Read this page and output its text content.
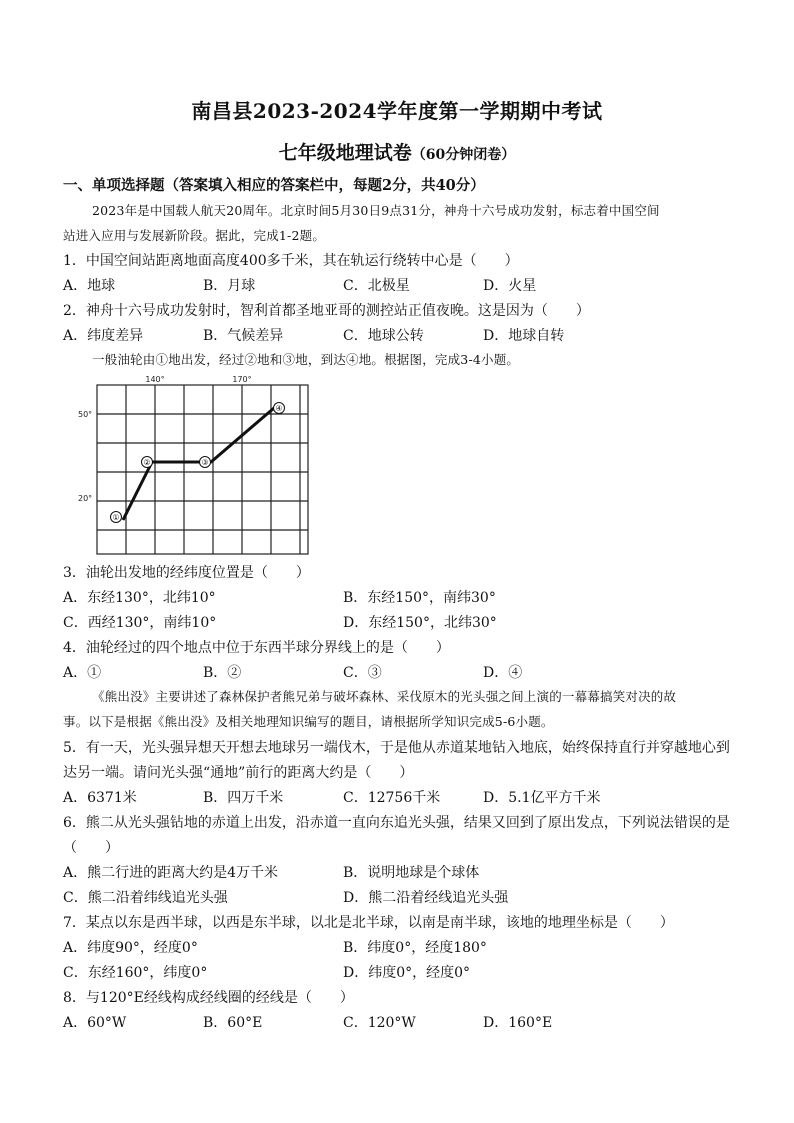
南昌县2023-2024学年度第一学期期中考试
七年级地理试卷（60分钟闭卷）
一、单项选择题（答案填入相应的答案栏中，每题2分，共40分）
2023年是中国载人航天20周年。北京时间5月30日9点31分，神舟十六号成功发射，标志着中国空间
站进入应用与发展新阶段。据此，完成1-2题。
1．中国空间站距离地面高度400多千米，其在轨运行绕转中心是（　　）
A．地球	B．月球	C．北极星	D．火星
2．神舟十六号成功发射时，智利首都圣地亚哥的测控站正值夜晚。这是因为（　　）
A．纬度差异	B．气候差异	C．地球公转	D．地球自转
一般油轮由①地出发，经过②地和③地，到达④地。根据图，完成3-4小题。
①
②	③
④
140°	170°
50°
20°
3．油轮出发地的经纬度位置是（　　）
A．东经130°，北纬10°	B．东经150°，南纬30°
C．西经130°，南纬10°	D．东经150°，北纬30°
4．油轮经过的四个地点中位于东西半球分界线上的是（　　）
A．①	B．②	C．③	D．④
《熊出没》主要讲述了森林保护者熊兄弟与破坏森林、采伐原木的光头强之间上演的一幕幕搞笑对决的故
事。以下是根据《熊出没》及相关地理知识编写的题目，请根据所学知识完成5-6小题。
5．有一天，光头强异想天开想去地球另一端伐木，于是他从赤道某地钻入地底，始终保持直行并穿越地心到
达另一端。请问光头强“通地”前行的距离大约是（　　）
A．6371米	B．四万千米	C．12756千米	D．5.1亿平方千米
6．熊二从光头强钻地的赤道上出发，沿赤道一直向东追光头强，结果又回到了原出发点，下列说法错误的是
（　　）
A．熊二行进的距离大约是4万千米	B．说明地球是个球体
C．熊二沿着纬线追光头强	D．熊二沿着经线追光头强
7．某点以东是西半球，以西是东半球，以北是北半球，以南是南半球，该地的地理坐标是（　　）
A．纬度90°，经度0°	B．纬度0°，经度180°
C．东经160°，纬度0°	D．纬度0°，经度0°
8．与120°E经线构成经线圈的经线是（　　）
A．60°W	B．60°E	C．120°W	D．160°E
